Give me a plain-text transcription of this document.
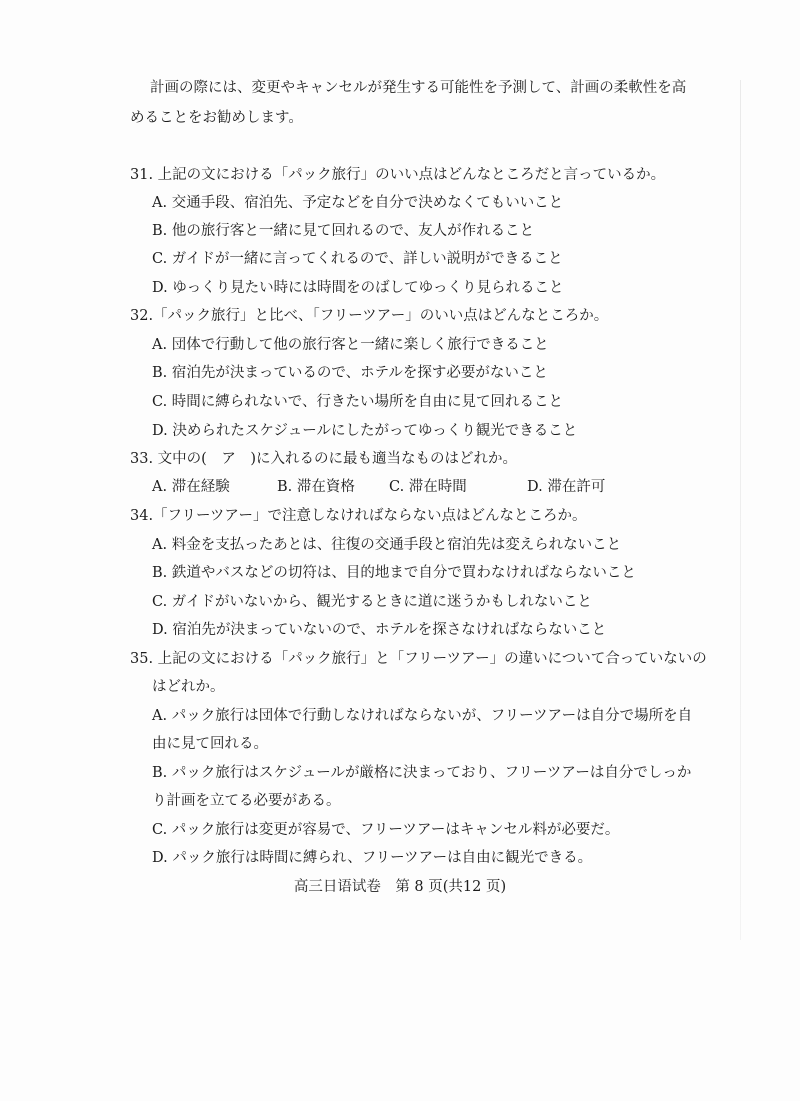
計画の際には、変更やキャンセルが発生する可能性を予測して、計画の柔軟性を高
めることをお勧めします。
31. 上記の文における「パック旅行」のいい点はどんなところだと言っているか。
A. 交通手段、宿泊先、予定などを自分で決めなくてもいいこと
B. 他の旅行客と一緒に見て回れるので、友人が作れること
C. ガイドが一緒に言ってくれるので、詳しい説明ができること
D. ゆっくり見たい時には時間をのばしてゆっくり見られること
32.「パック旅行」と比べ、「フリーツアー」のいい点はどんなところか。
A. 団体で行動して他の旅行客と一緒に楽しく旅行できること
B. 宿泊先が決まっているので、ホテルを探す必要がないこと
C. 時間に縛られないで、行きたい場所を自由に見て回れること
D. 決められたスケジュールにしたがってゆっくり観光できること
33. 文中の(　ア　)に入れるのに最も適当なものはどれか。
A. 滞在経験	B. 滞在資格 C. 滞在時間	D. 滞在許可
34.「フリーツアー」で注意しなければならない点はどんなところか。
A. 料金を支払ったあとは、往復の交通手段と宿泊先は変えられないこと
B. 鉄道やバスなどの切符は、目的地まで自分で買わなければならないこと
C. ガイドがいないから、観光するときに道に迷うかもしれないこと
D. 宿泊先が決まっていないので、ホテルを探さなければならないこと
35. 上記の文における「パック旅行」と「フリーツアー」の違いについて合っていないの
はどれか。
A. パック旅行は団体で行動しなければならないが、フリーツアーは自分で場所を自
由に見て回れる。
B. パック旅行はスケジュールが厳格に決まっており、フリーツアーは自分でしっか
り計画を立てる必要がある。
C. パック旅行は変更が容易で、フリーツアーはキャンセル料が必要だ。
D. パック旅行は時間に縛られ、フリーツアーは自由に観光できる。
高三日语试卷　第 8 页(共12 页)
